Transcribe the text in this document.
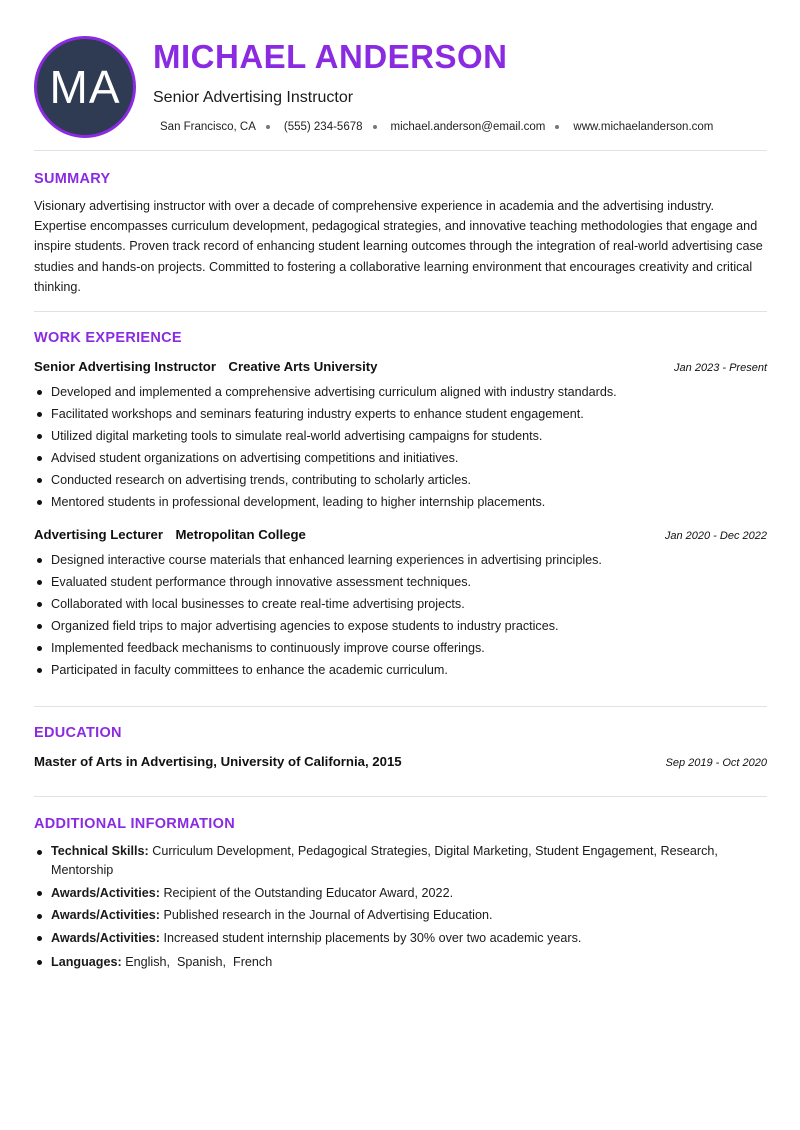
MA
MICHAEL ANDERSON
Senior Advertising Instructor
San Francisco, CA (555) 234-5678 michael.anderson@email.com www.michaelanderson.com
SUMMARY
Visionary advertising instructor with over a decade of comprehensive experience in academia and the advertising industry. Expertise encompasses curriculum development, pedagogical strategies, and innovative teaching methodologies that engage and inspire students. Proven track record of enhancing student learning outcomes through the integration of real-world advertising case studies and hands-on projects. Committed to fostering a collaborative learning environment that encourages creativity and critical thinking.
WORK EXPERIENCE
Senior Advertising Instructor Creative Arts University	Jan 2023 - Present
Developed and implemented a comprehensive advertising curriculum aligned with industry standards.
Facilitated workshops and seminars featuring industry experts to enhance student engagement.
Utilized digital marketing tools to simulate real-world advertising campaigns for students.
Advised student organizations on advertising competitions and initiatives.
Conducted research on advertising trends, contributing to scholarly articles.
Mentored students in professional development, leading to higher internship placements.
Advertising Lecturer Metropolitan College	Jan 2020 - Dec 2022
Designed interactive course materials that enhanced learning experiences in advertising principles.
Evaluated student performance through innovative assessment techniques.
Collaborated with local businesses to create real-time advertising projects.
Organized field trips to major advertising agencies to expose students to industry practices.
Implemented feedback mechanisms to continuously improve course offerings.
Participated in faculty committees to enhance the academic curriculum.
EDUCATION
Master of Arts in Advertising, University of California, 2015	Sep 2019 - Oct 2020
ADDITIONAL INFORMATION
Technical Skills: Curriculum Development, Pedagogical Strategies, Digital Marketing, Student Engagement, Research, Mentorship
Awards/Activities: Recipient of the Outstanding Educator Award, 2022.
Awards/Activities: Published research in the Journal of Advertising Education.
Awards/Activities: Increased student internship placements by 30% over two academic years.
Languages: English,  Spanish,  French
